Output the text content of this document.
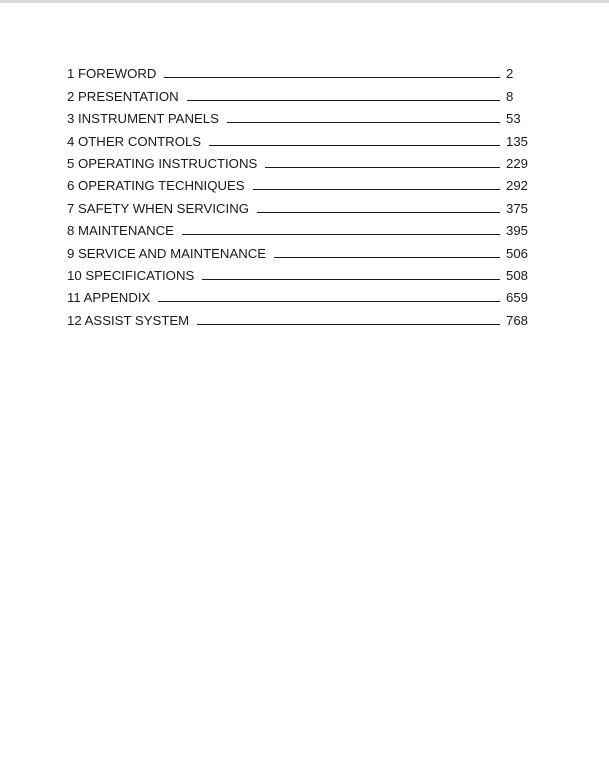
1 FOREWORD	2
2 PRESENTATION	8
3 INSTRUMENT PANELS	53
4 OTHER CONTROLS	135
5 OPERATING INSTRUCTIONS	229
6 OPERATING TECHNIQUES	292
7 SAFETY WHEN SERVICING	375
8 MAINTENANCE	395
9 SERVICE AND MAINTENANCE	506
10 SPECIFICATIONS	508
11 APPENDIX	659
12 ASSIST SYSTEM	768
